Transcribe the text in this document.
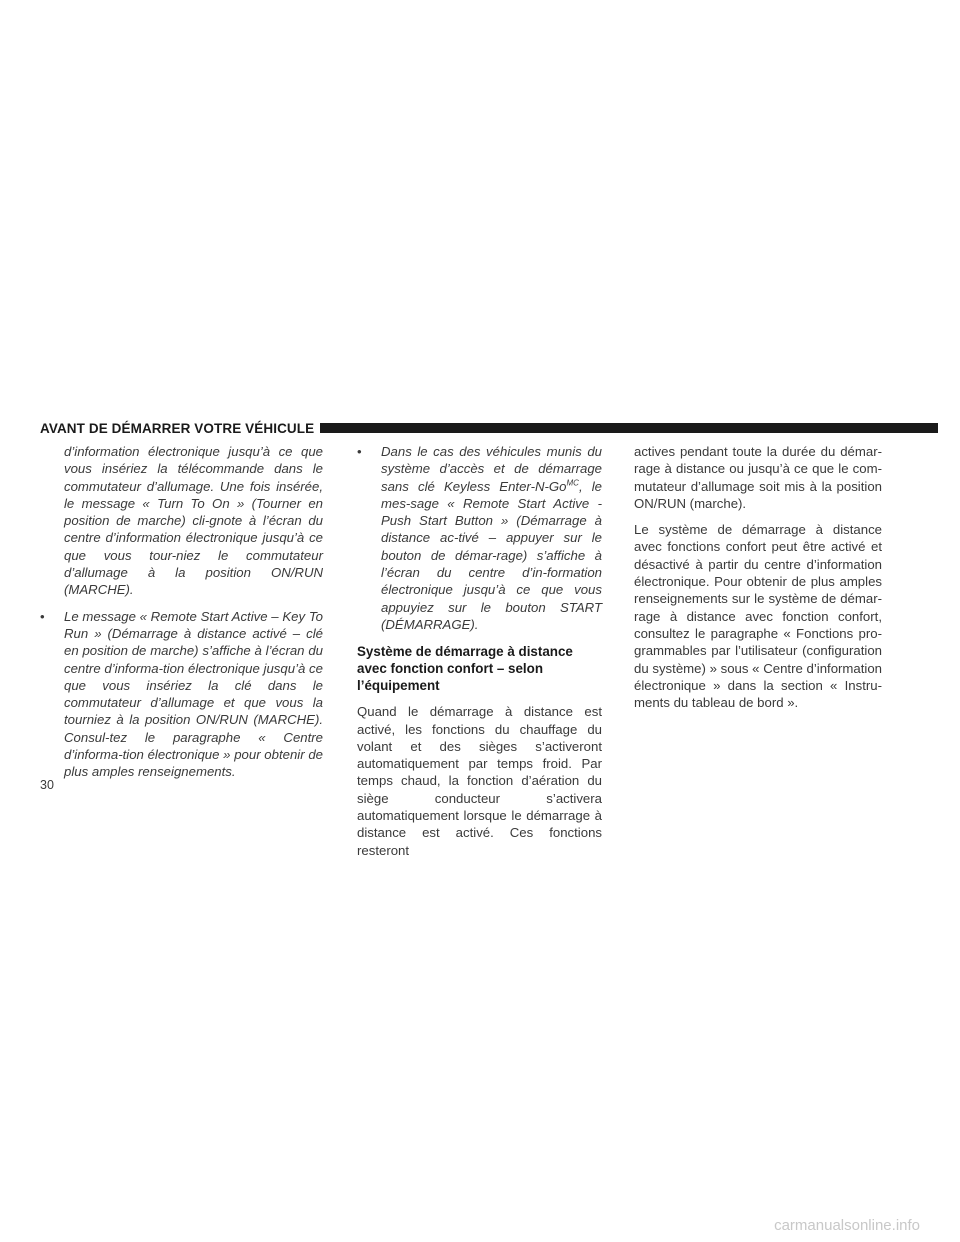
AVANT DE DÉMARRER VOTRE VÉHICULE

d’information électronique jusqu’à ce que vous insériez la télécommande dans le commutateur d’allumage. Une fois insérée, le message « Turn To On » (Tourner en position de marche) cli-gnote à l’écran du centre d’information électronique jusqu’à ce que vous tour-niez le commutateur d’allumage à la position ON/RUN (MARCHE).

• Le message « Remote Start Active – Key To Run » (Démarrage à distance activé – clé en position de marche) s’affiche à l’écran du centre d’informa-tion électronique jusqu’à ce que vous insériez la clé dans le commutateur d’allumage et que vous la tourniez à la position ON/RUN (MARCHE). Consul-tez le paragraphe « Centre d’informa-tion électronique » pour obtenir de plus amples renseignements.
• Dans le cas des véhicules munis du système d’accès et de démarrage sans clé Keyless Enter-$N-Go^{MC}$, le mes-sage « Remote Start Active - Push Start Button » (Démarrage à distance ac-tivé – appuyer sur le bouton de démar-rage) s’affiche à l’écran du centre d’in-formation électronique jusqu’à ce que vous appuyiez sur le bouton START (DÉMARRAGE).
Système de démarrage à distance avec fonction confort – selon l’équipement

Quand le démarrage à distance est activé, les fonctions du chauffage du volant et des sièges s’activeront automatiquement par temps froid. Par temps chaud, la fonction d’aération du siège conducteur s’activera automatiquement lorsque le démarrage à distance est activé. Ces fonctions resteront

actives pendant toute la durée du démar-rage à distance ou jusqu’à ce que le com-mutateur d’allumage soit mis à la position ON/RUN (marche).

Le système de démarrage à distance avec fonctions confort peut être activé et désactivé à partir du centre d’information électronique. Pour obtenir de plus amples renseignements sur le système de démar-rage à distance avec fonction confort, consultez le paragraphe « Fonctions pro-grammables par l’utilisateur (configuration du système) » sous « Centre d’information électronique » dans la section « Instru-ments du tableau de bord ».

30
carmanualsonline.info
